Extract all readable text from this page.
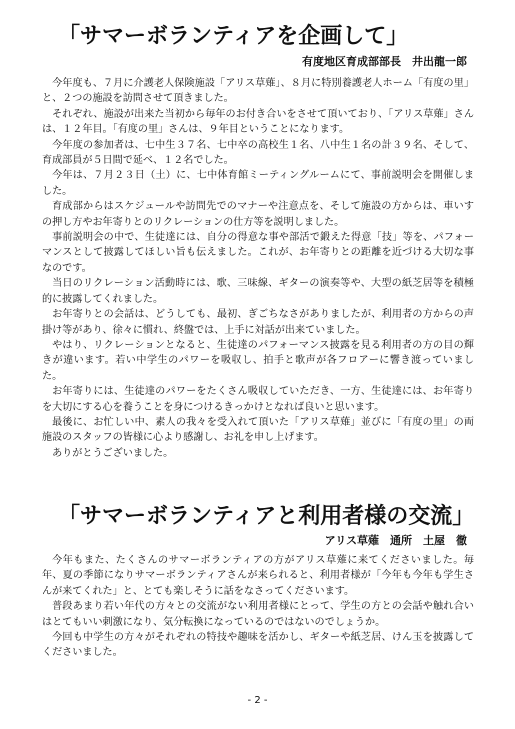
「サマーボランティアを企画して」
有度地区育成部部長　井出龍一郎

今年度も、７月に介護老人保険施設「アリス草薙」、８月に特別養護老人ホーム「有度の里」と、２つの施設を訪問させて頂きました。

それぞれ、施設が出来た当初から毎年のお付き合いをさせて頂いており、「アリス草薙」さんは、１２年目。「有度の里」さんは、９年目ということになります。

今年度の参加者は、七中生３７名、七中卒の高校生１名、八中生１名の計３９名、そして、育成部員が５日間で延べ、１２名でした。

今年は、７月２３日（土）に、七中体育館ミーティングルームにて、事前説明会を開催しました。

育成部からはスケジュールや訪問先でのマナーや注意点を、そして施設の方からは、車いすの押し方やお年寄りとのリクレーションの仕方等を説明しました。

事前説明会の中で、生徒達には、自分の得意な事や部活で鍛えた得意「技」等を、パフォーマンスとして披露してほしい旨も伝えました。これが、お年寄りとの距離を近づける大切な事なのです。

当日のリクレーション活動時には、歌、三味線、ギターの演奏等や、大型の紙芝居等を積極的に披露してくれました。

お年寄りとの会話は、どうしても、最初、ぎごちなさがありましたが、利用者の方からの声掛け等があり、徐々に慣れ、終盤では、上手に対話が出来ていました。

やはり、リクレーションとなると、生徒達のパフォーマンス披露を見る利用者の方の目の輝きが違います。若い中学生のパワーを吸収し、拍手と歌声が各フロアーに響き渡っていました。

お年寄りには、生徒達のパワーをたくさん吸収していただき、一方、生徒達には、お年寄りを大切にする心を養うことを身につけるきっかけとなれば良いと思います。

最後に、お忙しい中、素人の我々を受入れて頂いた「アリス草薙」並びに「有度の里」の両施設のスタッフの皆様に心より感謝し、お礼を申し上げます。

ありがとうございました。

「サマーボランティアと利用者様の交流」
アリス草薙　通所　土屋　徹

今年もまた、たくさんのサマーボランティアの方がアリス草薙に来てくださいました。毎年、夏の季節になりサマーボランティアさんが来られると、利用者様が「今年も今年も学生さんが来てくれた」と、とても楽しそうに話をなさってくださいます。

普段あまり若い年代の方々との交流がない利用者様にとって、学生の方との会話や触れ合いはとてもいい刺激になり、気分転換になっているのではないのでしょうか。

今回も中学生の方々がそれぞれの特技や趣味を活かし、ギターや紙芝居、けん玉を披露してくださいました。

- 2 -
